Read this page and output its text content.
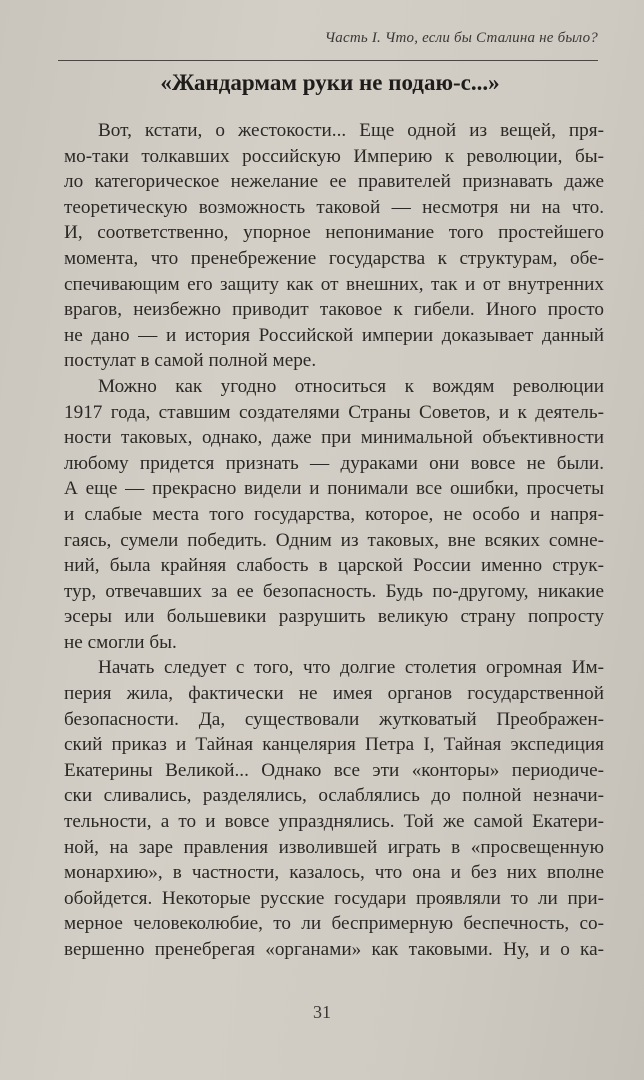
Часть I. Что, если бы Сталина не было?
«Жандармам руки не подаю-с...»
Вот, кстати, о жестокости... Еще одной из вещей, пря-
мо-таки толкавших российскую Империю к революции, бы-
ло категорическое нежелание ее правителей признавать даже
теоретическую возможность таковой — несмотря ни на что.
И, соответственно, упорное непонимание того простейшего
момента, что пренебрежение государства к структурам, обе-
спечивающим его защиту как от внешних, так и от внутренних
врагов, неизбежно приводит таковое к гибели. Иного просто
не дано — и история Российской империи доказывает данный
постулат в самой полной мере.
Можно как угодно относиться к вождям революции
1917 года, ставшим создателями Страны Советов, и к деятель-
ности таковых, однако, даже при минимальной объективности
любому придется признать — дураками они вовсе не были.
А еще — прекрасно видели и понимали все ошибки, просчеты
и слабые места того государства, которое, не особо и напря-
гаясь, сумели победить. Одним из таковых, вне всяких сомне-
ний, была крайняя слабость в царской России именно струк-
тур, отвечавших за ее безопасность. Будь по-другому, никакие
эсеры или большевики разрушить великую страну попросту
не смогли бы.
Начать следует с того, что долгие столетия огромная Им-
перия жила, фактически не имея органов государственной
безопасности. Да, существовали жутковатый Преображен-
ский приказ и Тайная канцелярия Петра I, Тайная экспедиция
Екатерины Великой... Однако все эти «конторы» периодиче-
ски сливались, разделялись, ослаблялись до полной незначи-
тельности, а то и вовсе упразднялись. Той же самой Екатери-
ной, на заре правления изволившей играть в «просвещенную
монархию», в частности, казалось, что она и без них вполне
обойдется. Некоторые русские государи проявляли то ли при-
мерное человеколюбие, то ли беспримерную беспечность, со-
вершенно пренебрегая «органами» как таковыми. Ну, и о ка-
31
